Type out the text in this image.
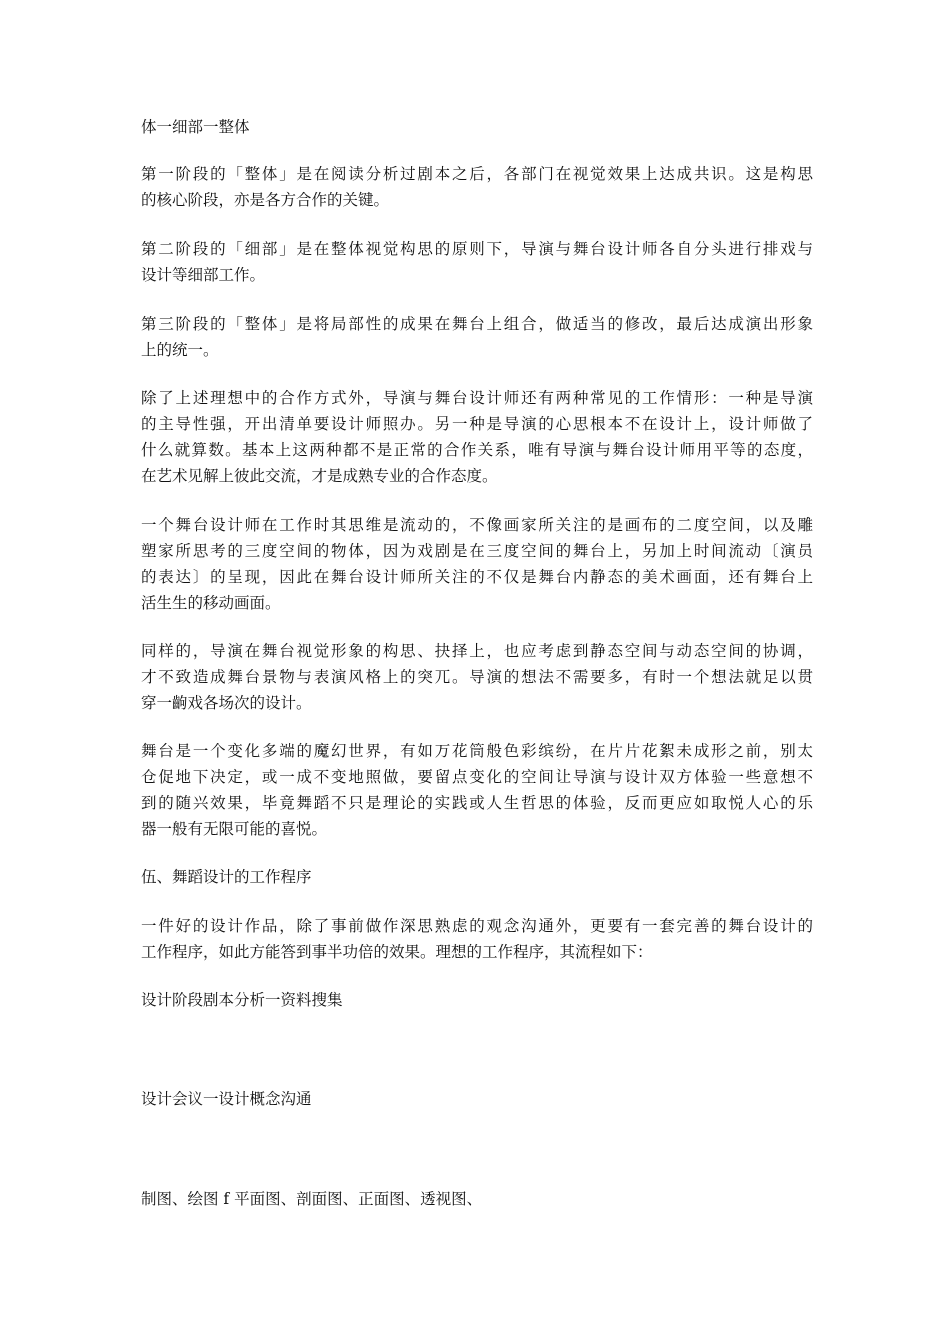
体一细部一整体
第一阶段的「整体」是在阅读分析过剧本之后，各部门在视觉效果上达成共识。这是构思
的核心阶段，亦是各方合作的关键。
第二阶段的「细部」是在整体视觉构思的原则下，导演与舞台设计师各自分头进行排戏与
设计等细部工作。
第三阶段的「整体」是将局部性的成果在舞台上组合，做适当的修改，最后达成演出形象
上的统一。
除了上述理想中的合作方式外，导演与舞台设计师还有两种常见的工作情形：一种是导演
的主导性强，开出清单要设计师照办。另一种是导演的心思根本不在设计上，设计师做了
什么就算数。基本上这两种都不是正常的合作关系，唯有导演与舞台设计师用平等的态度，
在艺术见解上彼此交流，才是成熟专业的合作态度。
一个舞台设计师在工作时其思维是流动的，不像画家所关注的是画布的二度空间，以及雕
塑家所思考的三度空间的物体，因为戏剧是在三度空间的舞台上，另加上时间流动〔演员
的表达〕的呈现，因此在舞台设计师所关注的不仅是舞台内静态的美术画面，还有舞台上
活生生的移动画面。
同样的，导演在舞台视觉形象的构思、抉择上，也应考虑到静态空间与动态空间的协调，
才不致造成舞台景物与表演风格上的突兀。导演的想法不需要多，有时一个想法就足以贯
穿一齣戏各场次的设计。
舞台是一个变化多端的魔幻世界，有如万花筒般色彩缤纷，在片片花絮未成形之前，别太
仓促地下决定，或一成不变地照做，要留点变化的空间让导演与设计双方体验一些意想不
到的随兴效果，毕竟舞蹈不只是理论的实践或人生哲思的体验，反而更应如取悦人心的乐
器一般有无限可能的喜悦。
伍、舞蹈设计的工作程序
一件好的设计作品，除了事前做作深思熟虑的观念沟通外，更要有一套完善的舞台设计的
工作程序，如此方能答到事半功倍的效果。理想的工作程序，其流程如下：
设计阶段剧本分析一资料搜集
设计会议一设计概念沟通
制图、绘图 f 平面图、剖面图、正面图、透视图、
